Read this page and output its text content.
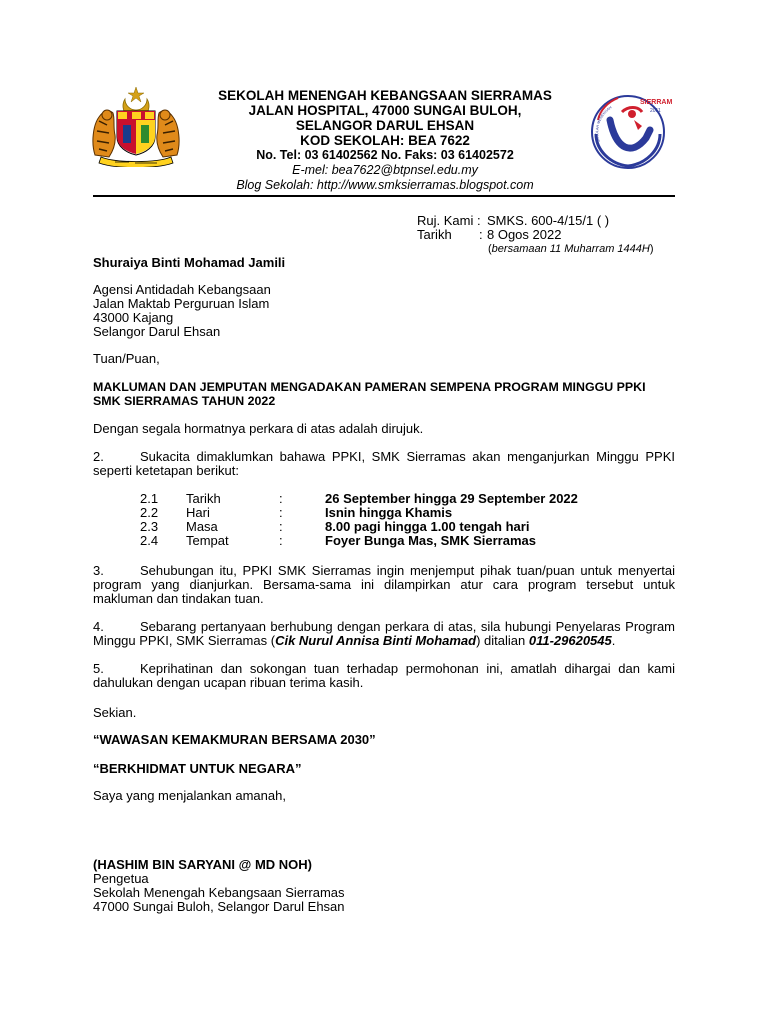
SEKOLAH MENENGAH KEBANGSAAN SIERRAMAS
JALAN HOSPITAL, 47000 SUNGAI BULOH,
SELANGOR DARUL EHSAN
KOD SEKOLAH: BEA 7622
No. Tel: 03 61402562 No. Faks: 03 61402572
E-mel: bea7622@btpnsel.edu.my
Blog Sekolah: http://www.smksierramas.blogspot.com
SIERRAM
2011
SEKOLAH MENENGAH
Ruj. Kami : SMKS. 600-4/15/1 ( )
Tarikh : 8 Ogos 2022
(bersamaan 11 Muharram 1444H)
Shuraiya Binti Mohamad Jamili
Agensi Antidadah Kebangsaan
Jalan Maktab Perguruan Islam
43000 Kajang
Selangor Darul Ehsan
Tuan/Puan,
MAKLUMAN DAN JEMPUTAN MENGADAKAN PAMERAN SEMPENA PROGRAM MINGGU PPKI
SMK SIERRAMAS TAHUN 2022
Dengan segala hormatnya perkara di atas adalah dirujuk.
2.	Sukacita dimaklumkan bahawa PPKI, SMK Sierramas akan menganjurkan Minggu PPKI seperti ketetapan berikut:
2.1 Tarikh	:	26 September hingga 29 September 2022
2.2 Hari	:	Isnin hingga Khamis
2.3 Masa	:	8.00 pagi hingga 1.00 tengah hari
2.4 Tempat	:	Foyer Bunga Mas, SMK Sierramas
3.	Sehubungan itu, PPKI SMK Sierramas ingin menjemput pihak tuan/puan untuk menyertai program yang dianjurkan. Bersama-sama ini dilampirkan atur cara program tersebut untuk makluman dan tindakan tuan.
4.	Sebarang pertanyaan berhubung dengan perkara di atas, sila hubungi Penyelaras Program Minggu PPKI, SMK Sierramas (Cik Nurul Annisa Binti Mohamad) ditalian 011-29620545.
5.	Keprihatinan dan sokongan tuan terhadap permohonan ini, amatlah dihargai dan kami dahulukan dengan ucapan ribuan terima kasih.
Sekian.
“WAWASAN KEMAKMURAN BERSAMA 2030”
“BERKHIDMAT UNTUK NEGARA”
Saya yang menjalankan amanah,
(HASHIM BIN SARYANI @ MD NOH)
Pengetua
Sekolah Menengah Kebangsaan Sierramas
47000 Sungai Buloh, Selangor Darul Ehsan
